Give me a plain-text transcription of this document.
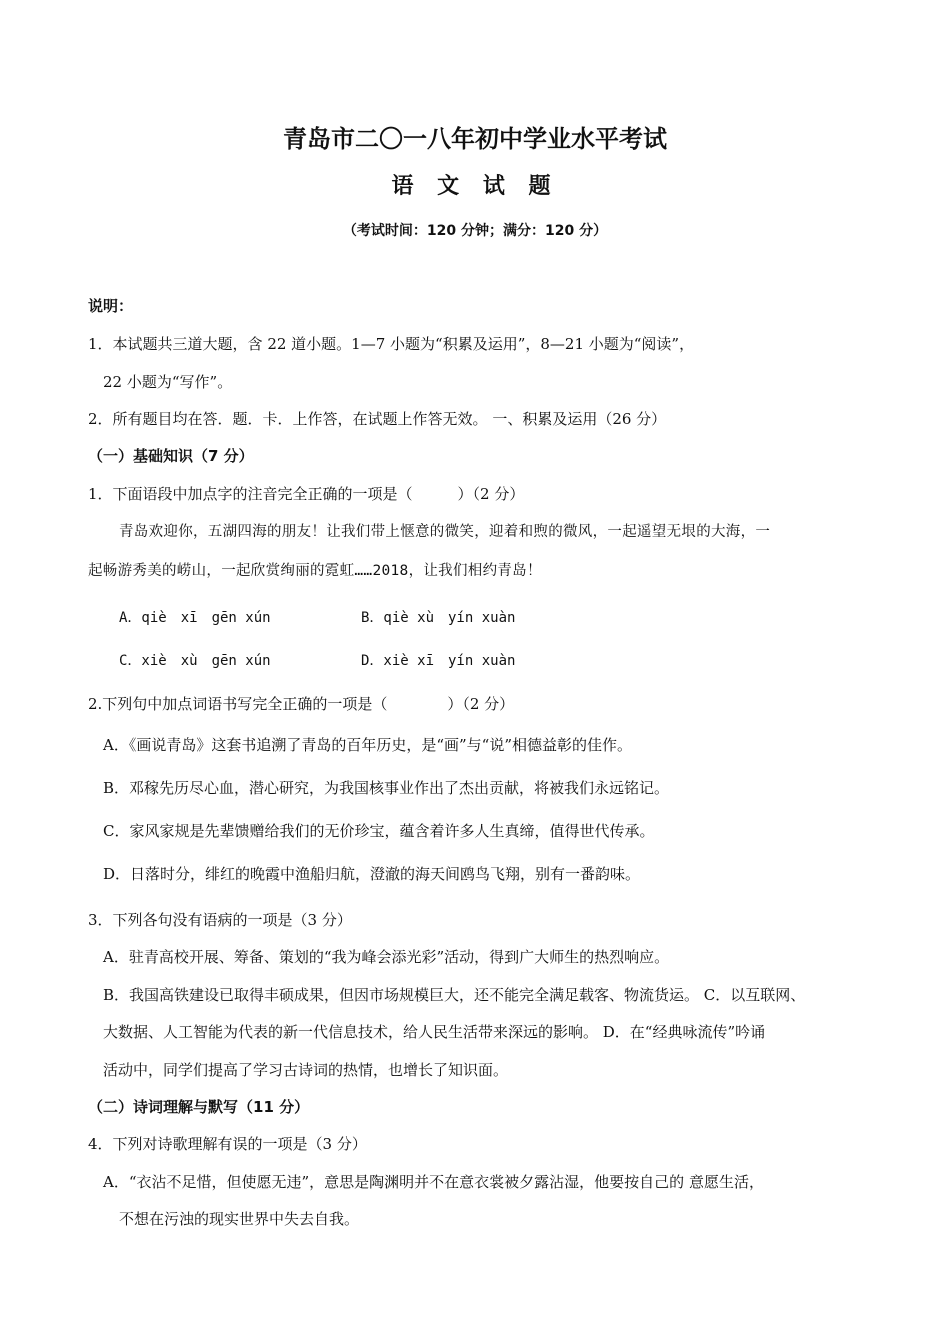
青岛市二〇一八年初中学业水平考试
语 文 试 题
（考试时间：120 分钟；满分：120 分）
说明：
1．本试题共三道大题，含 22 道小题。1—7 小题为“积累及运用”，8—21 小题为“阅读”，
22 小题为“写作”。
2．所有题目均在答．题．卡．上作答，在试题上作答无效。 一、积累及运用（26 分）
（一）基础知识（7 分）
1．下面语段中加点字的注音完全正确的一项是（　　　）（2 分）
青岛欢迎你，五湖四海的朋友！让我们带上惬意的微笑，迎着和煦的微风，一起遥望无垠的大海，一
起畅游秀美的崂山，一起欣赏绚丽的霓虹……2018，让我们相约青岛！
A．qiè　xī　gēn xún	B．qiè xù　yín xuàn
C．xiè　xù　gēn xún	D．xiè xī　yín xuàn
2.下列句中加点词语书写完全正确的一项是（　　　　）（2 分）
A．《画说青岛》这套书追溯了青岛的百年历史，是“画”与“说”相德益彰的佳作。
B．邓稼先历尽心血，潜心研究，为我国核事业作出了杰出贡献，将被我们永远铭记。
C．家风家规是先辈馈赠给我们的无价珍宝，蕴含着许多人生真缔，值得世代传承。
D．日落时分，绯红的晚霞中渔船归航，澄澈的海天间鸥鸟飞翔，别有一番韵味。
3．下列各句没有语病的一项是（3 分）
A．驻青高校开展、筹备、策划的“我为峰会添光彩”活动，得到广大师生的热烈响应。
B．我国高铁建设已取得丰硕成果，但因市场规模巨大，还不能完全满足载客、物流货运。 C．以互联网、
大数据、人工智能为代表的新一代信息技术，给人民生活带来深远的影响。 D．在“经典咏流传”吟诵
活动中，同学们提高了学习古诗词的热情，也增长了知识面。
（二）诗词理解与默写（11 分）
4．下列对诗歌理解有误的一项是（3 分）
A．“衣沾不足惜，但使愿无违”，意思是陶渊明并不在意衣裳被夕露沾湿，他要按自己的 意愿生活，
不想在污浊的现实世界中失去自我。
